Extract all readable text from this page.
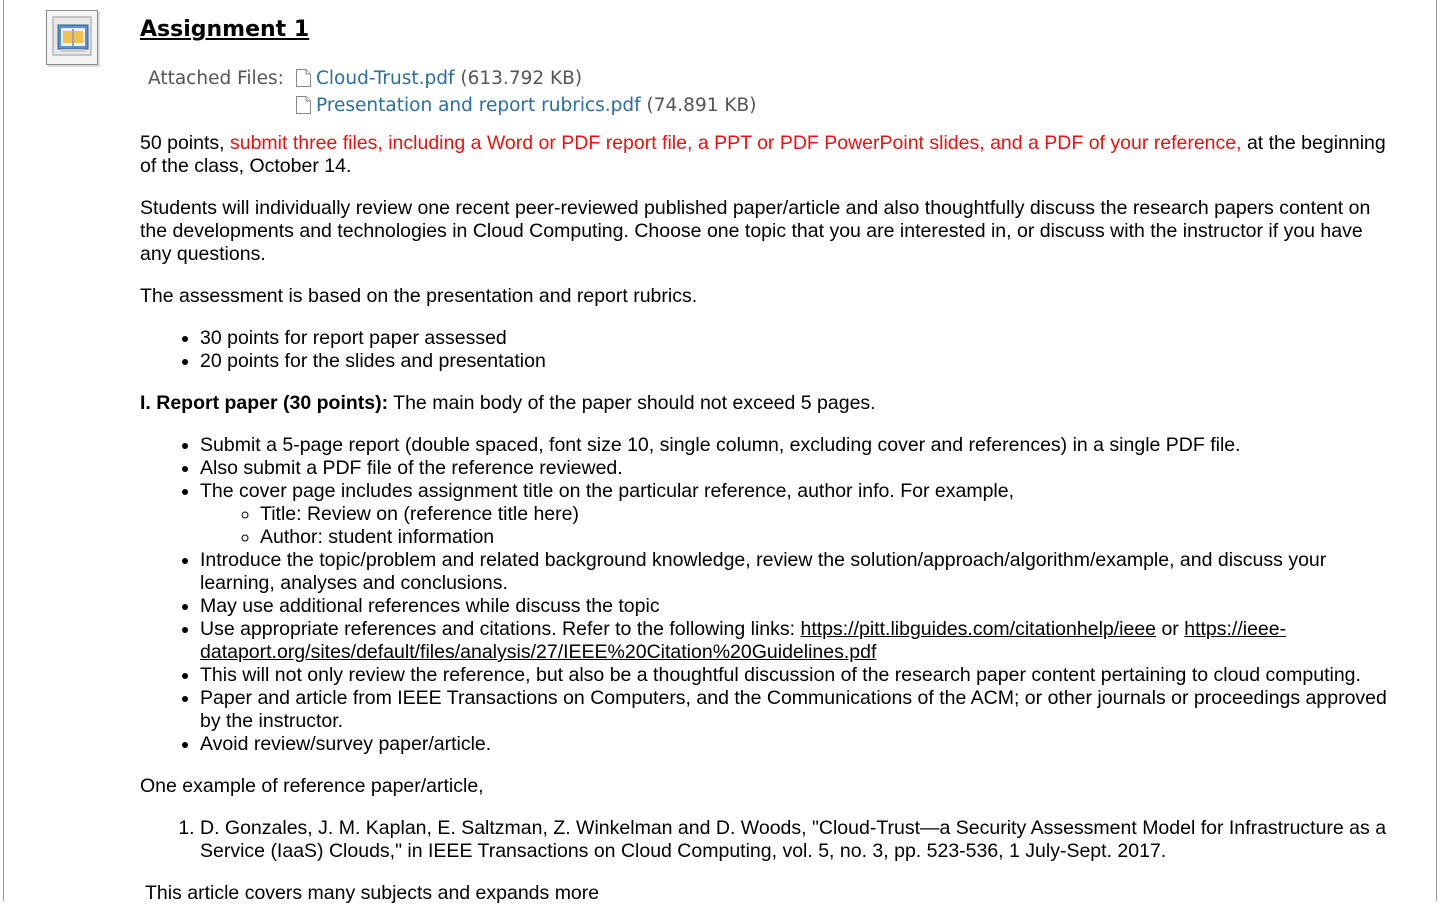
Assignment 1
Attached Files:	Cloud-Trust.pdf (613.792 KB)
Presentation and report rubrics.pdf (74.891 KB)

50 points, submit three files, including a Word or PDF report file, a PPT or PDF PowerPoint slides, and a PDF of your reference, at the beginning of the class, October 14.

Students will individually review one recent peer-reviewed published paper/article and also thoughtfully discuss the research papers content on the developments and technologies in Cloud Computing. Choose one topic that you are interested in, or discuss with the instructor if you have any questions.

The assessment is based on the presentation and report rubrics.

• 30 points for report paper assessed
• 20 points for the slides and presentation

I. Report paper (30 points): The main body of the paper should not exceed 5 pages.

• Submit a 5-page report (double spaced, font size 10, single column, excluding cover and references) in a single PDF file.
• Also submit a PDF file of the reference reviewed.
• The cover page includes assignment title on the particular reference, author info. For example,
◦ Title: Review on (reference title here)
◦ Author: student information
• Introduce the topic/problem and related background knowledge, review the solution/approach/algorithm/example, and discuss your learning, analyses and conclusions.
• May use additional references while discuss the topic
• Use appropriate references and citations. Refer to the following links: https://pitt.libguides.com/citationhelp/ieee or https://ieee-dataport.org/sites/default/files/analysis/27/IEEE%20Citation%20Guidelines.pdf
• This will not only review the reference, but also be a thoughtful discussion of the research paper content pertaining to cloud computing.
• Paper and article from IEEE Transactions on Computers, and the Communications of the ACM; or other journals or proceedings approved by the instructor.
• Avoid review/survey paper/article.

One example of reference paper/article,

1. D. Gonzales, J. M. Kaplan, E. Saltzman, Z. Winkelman and D. Woods, "Cloud-Trust—a Security Assessment Model for Infrastructure as a Service (IaaS) Clouds," in IEEE Transactions on Cloud Computing, vol. 5, no. 3, pp. 523-536, 1 July-Sept. 2017.

This article covers many subjects and expands more
